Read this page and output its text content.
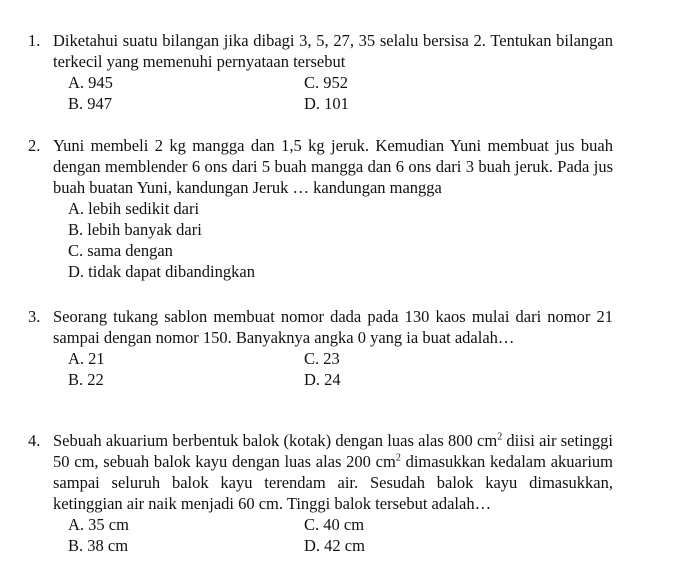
1. Diketahui suatu bilangan jika dibagi 3, 5, 27, 35 selalu bersisa 2. Tentukan bilangan terkecil yang memenuhi pernyataan tersebut
A. 945	C. 952
B. 947	D. 101
2. Yuni membeli 2 kg mangga dan 1,5 kg jeruk. Kemudian Yuni membuat jus buah dengan memblender 6 ons dari 5 buah mangga dan 6 ons dari 3 buah jeruk. Pada jus buah buatan Yuni, kandungan Jeruk … kandungan mangga
A. lebih sedikit dari
B. lebih banyak dari
C. sama dengan
D. tidak dapat dibandingkan
3. Seorang tukang sablon membuat nomor dada pada 130 kaos mulai dari nomor 21 sampai dengan nomor 150. Banyaknya angka 0 yang ia buat adalah…
A. 21	C. 23
B. 22	D. 24
4. Sebuah akuarium berbentuk balok (kotak) dengan luas alas 800 $cm^2$ diisi air setinggi 50 cm, sebuah balok kayu dengan luas alas 200 $cm^2$ dimasukkan kedalam akuarium sampai seluruh balok kayu terendam air. Sesudah balok kayu dimasukkan, ketinggian air naik menjadi 60 cm. Tinggi balok tersebut adalah…
A. 35 cm	C. 40 cm
B. 38 cm	D. 42 cm
